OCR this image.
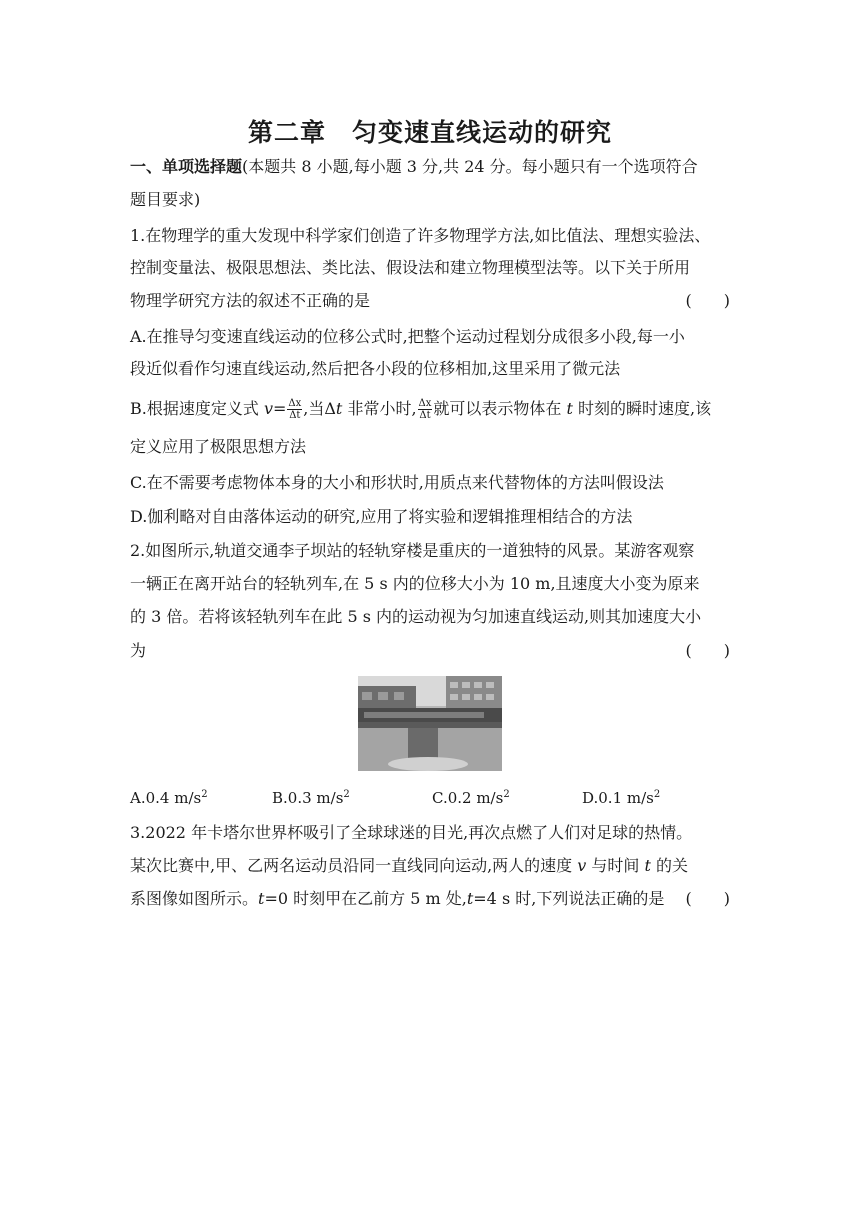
第二章　匀变速直线运动的研究
一、单项选择题(本题共 8 小题,每小题 3 分,共 24 分。每小题只有一个选项符合
题目要求)
1.在物理学的重大发现中科学家们创造了许多物理学方法,如比值法、理想实验法、
控制变量法、极限思想法、类比法、假设法和建立物理模型法等。以下关于所用
物理学研究方法的叙述不正确的是	(　　)
A.在推导匀变速直线运动的位移公式时,把整个运动过程划分成很多小段,每一小
段近似看作匀速直线运动,然后把各小段的位移相加,这里采用了微元法
B.根据速度定义式 $v= \frac{\Delta x}{\Delta t}$ ,当Δt 非常小时, $\frac{\Delta x}{\Delta t}$ 就可以表示物体在 t 时刻的瞬时速度,该
定义应用了极限思想方法
C.在不需要考虑物体本身的大小和形状时,用质点来代替物体的方法叫假设法
D.伽利略对自由落体运动的研究,应用了将实验和逻辑推理相结合的方法
2.如图所示,轨道交通李子坝站的轻轨穿楼是重庆的一道独特的风景。某游客观察
一辆正在离开站台的轻轨列车,在 5 s 内的位移大小为 10 m,且速度大小变为原来
的 3 倍。若将该轻轨列车在此 5 s 内的运动视为匀加速直线运动,则其加速度大小
为	(　　)
A.0.4 $m/s^2$	B.0.3 $m/s^2$	C.0.2 $m/s^2$	D.0.1 $m/s^2$
3.2022 年卡塔尔世界杯吸引了全球球迷的目光,再次点燃了人们对足球的热情。
某次比赛中,甲、乙两名运动员沿同一直线同向运动,两人的速度 v 与时间 t 的关
系图像如图所示。t=0 时刻甲在乙前方 5 m 处,t=4 s 时,下列说法正确的是 (　　)
